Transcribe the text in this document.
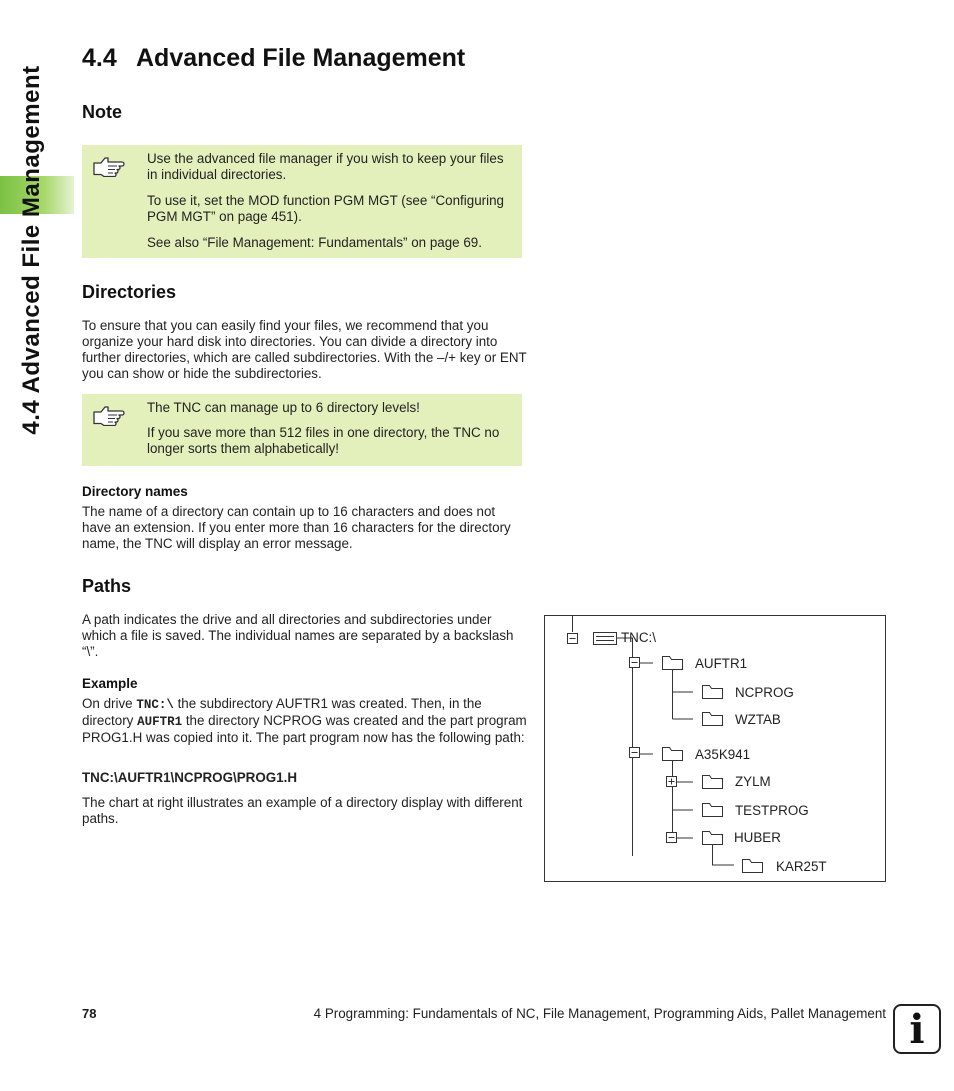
4.4 Advanced File Management
4.4 Advanced File Management
Note

Use the advanced file manager if you wish to keep your files in individual directories.

To use it, set the MOD function PGM MGT (see “Configuring PGM MGT” on page 451).

See also “File Management: Fundamentals” on page 69.

Directories

To ensure that you can easily find your files, we recommend that you organize your hard disk into directories. You can divide a directory into further directories, which are called subdirectories. With the –/+ key or ENT you can show or hide the subdirectories.

The TNC can manage up to 6 directory levels!

If you save more than 512 files in one directory, the TNC no longer sorts them alphabetically!

Directory names

The name of a directory can contain up to 16 characters and does not have an extension. If you enter more than 16 characters for the directory name, the TNC will display an error message.

Paths

A path indicates the drive and all directories and subdirectories under which a file is saved. The individual names are separated by a backslash “\”.

Example

On drive TNC:\ the subdirectory AUFTR1 was created. Then, in the directory AUFTR1 the directory NCPROG was created and the part program PROG1.H was copied into it. The part program now has the following path:

TNC:\AUFTR1\NCPROG\PROG1.H

The chart at right illustrates an example of a directory display with different paths.

TNC:\
AUFTR1
NCPROG
WZTAB
A35K941
ZYLM
TESTPROG
HUBER
KAR25T
78	4 Programming: Fundamentals of NC, File Management, Programming Aids, Pallet Management i
